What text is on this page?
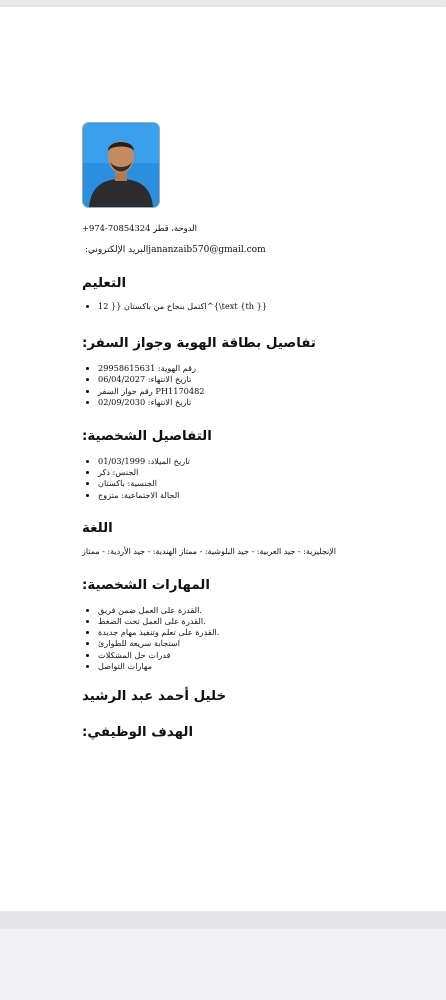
الدوحة، قطر ‎+974-70854324
البريد الإلكتروني: jananzaib570@gmail.com
التعليم
• اكتمل بنجاح من باكستان {{ 12^{\text {th }}
تفاصيل بطاقة الهوية وجواز السفر:
• رقم الهوية: 29958615631
• تاريخ الانتهاء: 06/04/2027
• رقم جواز السفر PH1170482
• تاريخ الانتهاء: 02/09/2030
التفاصيل الشخصية:
• تاريخ الميلاد: 01/03/1999
• الجنس: ذكر
• الجنسية: باكستان
• الحالة الاجتماعية: متزوج
اللغة
الإنجليزية: - جيد العربية: - جيد البلوشية: - ممتاز الهندية: - جيد الأردية: - ممتاز
المهارات الشخصية:
• القدرة على العمل ضمن فريق.
• القدرة على العمل تحت الضغط.
• القدرة على تعلم وتنفيذ مهام جديدة.
• استجابة سريعة للطوارئ
• قدرات حل المشكلات
• مهارات التواصل
خليل أحمد عبد الرشيد
الهدف الوظيفي:
